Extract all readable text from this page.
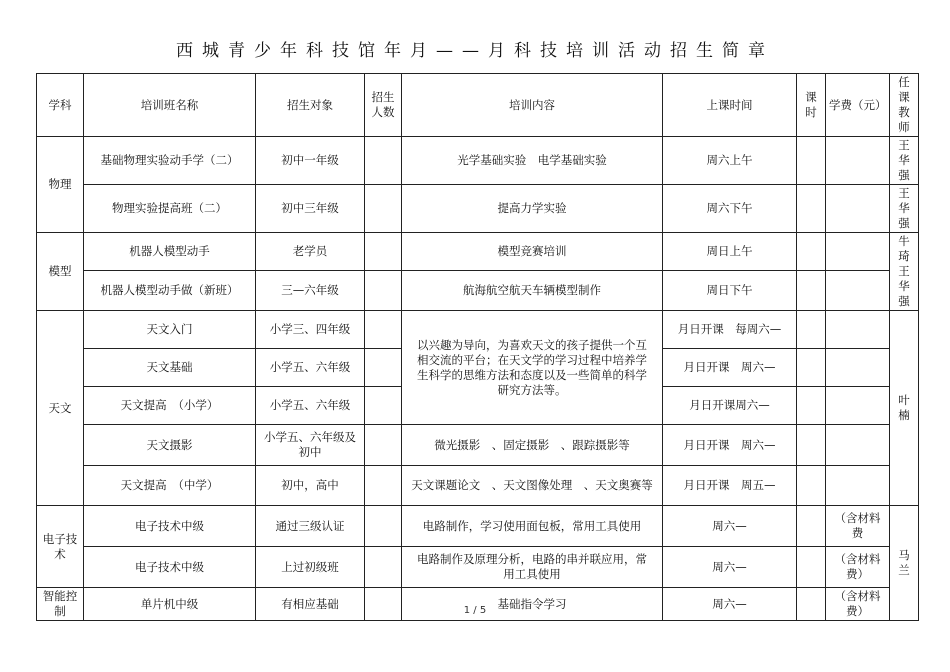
西城青少年科技馆年月——月科技培训活动招生简章
学科	培训班名称	招生对象	招生人数	培训内容	上课时间	课时	学费（元）	任课教师
物理	基础物理实验动手学（二）	初中一年级		光学基础实验　电学基础实验	周六上午			王华强
	物理实验提高班（二）	初中三年级		提高力学实验	周六下午			王华强
模型	机器人模型动手	老学员		模型竞赛培训	周日上午			牛琦　王华强
	机器人模型动手做（新班）	三—六年级		航海航空航天车辆模型制作	周日下午			
天文	天文入门	小学三、四年级		以兴趣为导向，为喜欢天文的孩子提供一个互相交流的平台；在天文学的学习过程中培养学生科学的思维方法和态度以及一些简单的科学研究方法等。	月日开课　每周六—			叶楠
	天文基础	小学五、六年级			月日开课　周六—			
	天文提高　（小学）	小学五、六年级			月日开课周六—			
	天文摄影	小学五、六年级及初中		微光摄影　、固定摄影　、跟踪摄影等	月日开课　周六—			
	天文提高　（中学）	初中，高中		天文课题论文　、天文图像处理　、天文奥赛等	月日开课　周五—			
电子技术	电子技术中级	通过三级认证		电路制作，学习使用面包板，常用工具使用	周六—		（含材料费	马兰
	电子技术中级	上过初级班		电路制作及原理分析，电路的串并联应用，常用工具使用	周六—		（含材料费）	
智能控制	单片机中级	有相应基础		基础指令学习	周六—		（含材料费）	
1 / 5
